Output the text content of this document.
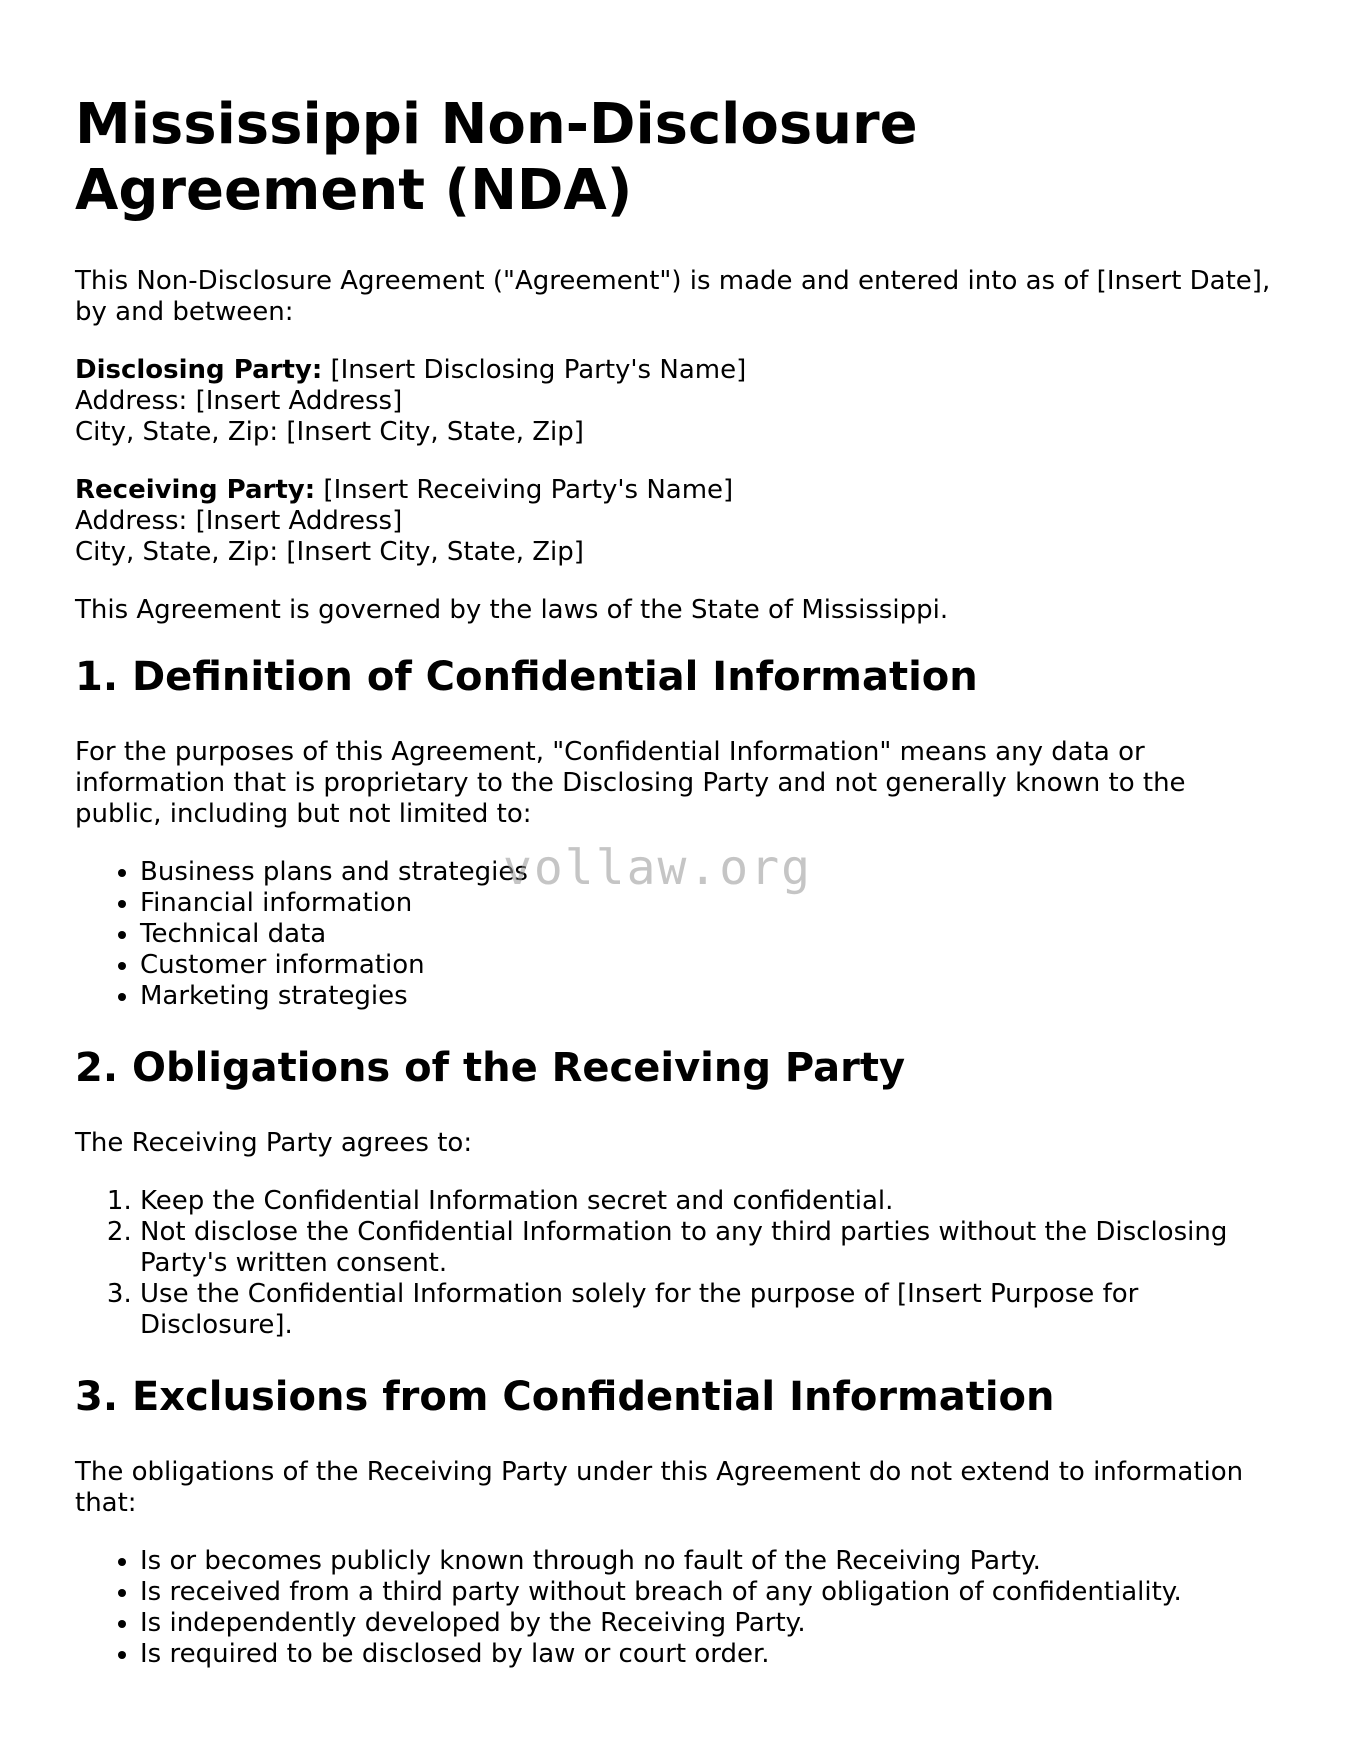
Mississippi Non-Disclosure Agreement (NDA)

This Non-Disclosure Agreement ("Agreement") is made and entered into as of [Insert Date], by and between:

Disclosing Party: [Insert Disclosing Party's Name]

Address: [Insert Address]

City, State, Zip: [Insert City, State, Zip]

Receiving Party: [Insert Receiving Party's Name]

Address: [Insert Address]

City, State, Zip: [Insert City, State, Zip]

This Agreement is governed by the laws of the State of Mississippi.

1. Definition of Confidential Information

For the purposes of this Agreement, "Confidential Information" means any data or information that is proprietary to the Disclosing Party and not generally known to the public, including but not limited to:

• Business plans and strategies
• Financial information
• Technical data
• Customer information
• Marketing strategies
2. Obligations of the Receiving Party

The Receiving Party agrees to:

1. Keep the Confidential Information secret and confidential.
2. Not disclose the Confidential Information to any third parties without the Disclosing Party's written consent.
3. Use the Confidential Information solely for the purpose of [Insert Purpose for Disclosure].
3. Exclusions from Confidential Information

The obligations of the Receiving Party under this Agreement do not extend to information that:

• Is or becomes publicly known through no fault of the Receiving Party.
• Is received from a third party without breach of any obligation of confidentiality.
• Is independently developed by the Receiving Party.
• Is required to be disclosed by law or court order.
vollaw.org
